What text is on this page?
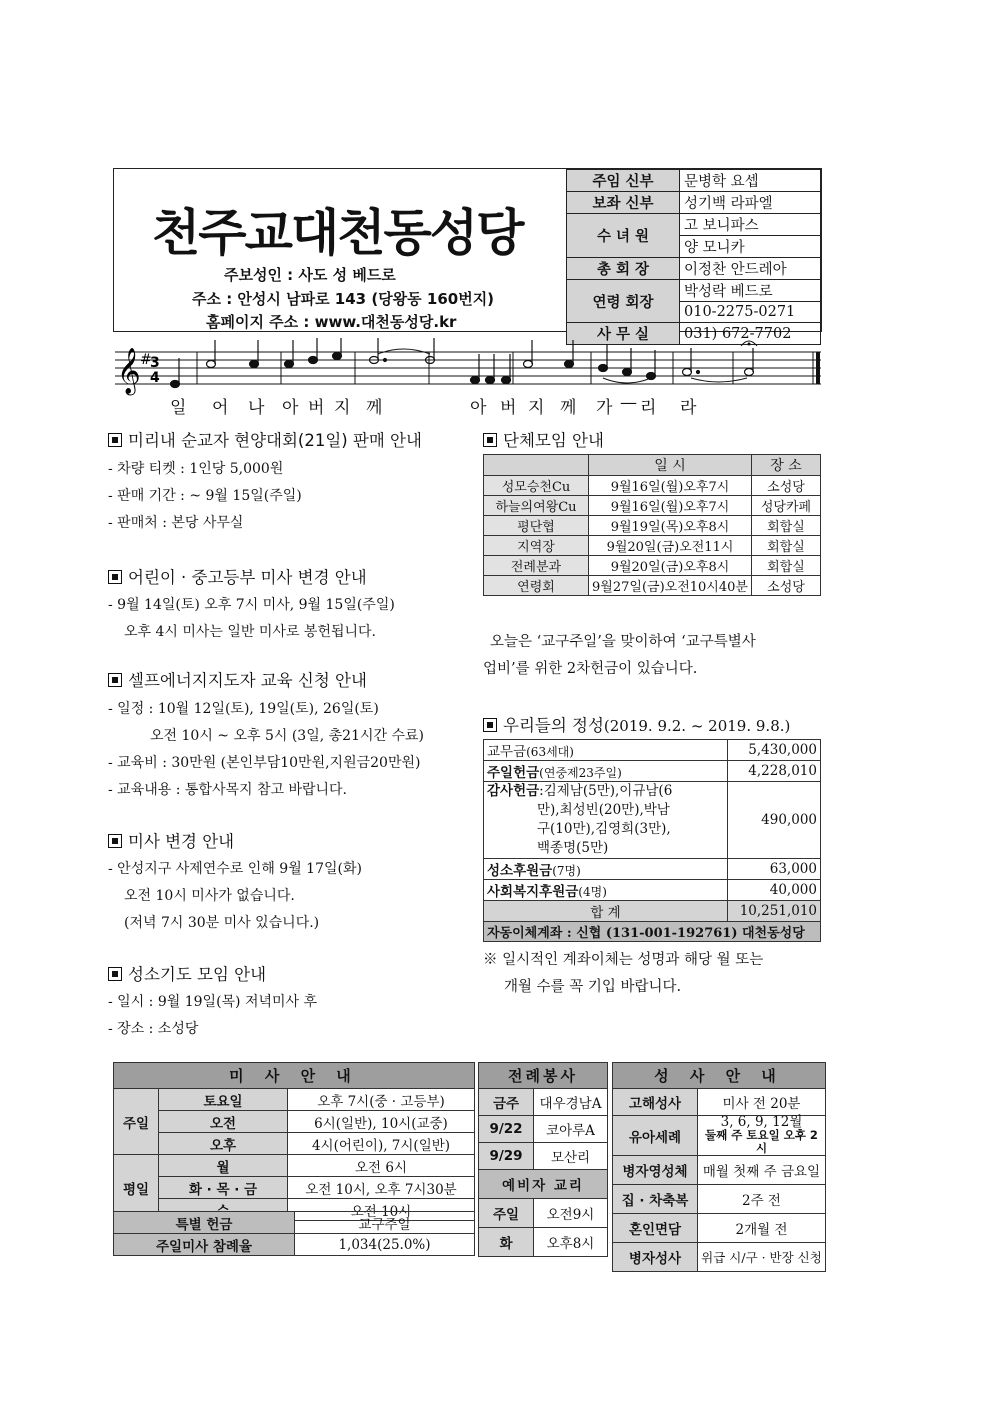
천주교대천동성당
주보성인 : 사도 성 베드로
주소 : 안성시 남파로 143 (당왕동 160번지)
홈페이지 주소 : www.대천동성당.kr
주임 신부	문병학 요셉
보좌 신부	성기백 라파엘
수 녀 원	고 보니파스
	양 모니카
총 회 장	이정찬 안드레아
연령 회장	박성락 베드로
	010-2275-0271
사 무 실	031) 672-7702
𝄞 #
3
4
일 어 나 아 버 지 께	아 버 지 께 가 — 리 라
미리내 순교자 현양대회(21일) 판매 안내
- 차량 티켓 : 1인당 5,000원
- 판매 기간 : ~ 9월 15일(주일)
- 판매처 : 본당 사무실
어린이 · 중고등부 미사 변경 안내
- 9월 14일(토) 오후 7시 미사, 9월 15일(주일)
오후 4시 미사는 일반 미사로 봉헌됩니다.
셀프에너지지도자 교육 신청 안내
- 일정 : 10월 12일(토), 19일(토), 26일(토)
오전 10시 ~ 오후 5시 (3일, 총21시간 수료)
- 교육비 : 30만원 (본인부담10만원,지원금20만원)
- 교육내용 : 통합사목지 참고 바랍니다.
미사 변경 안내
- 안성지구 사제연수로 인해 9월 17일(화)
오전 10시 미사가 없습니다.
(저녁 7시 30분 미사 있습니다.)
성소기도 모임 안내
- 일시 : 9월 19일(목) 저녁미사 후
- 장소 : 소성당
단체모임 안내
	일 시	장 소
성모승천Cu	9월16일(월)오후7시	소성당
하늘의여왕Cu	9월16일(월)오후7시	성당카페
평단협	9월19일(목)오후8시	회합실
지역장	9월20일(금)오전11시	회합실
전례분과	9월20일(금)오후8시	회합실
연령회	9월27일(금)오전10시40분	소성당
오늘은 ‘교구주일’을 맞이하여 ‘교구특별사
업비’를 위한 2차헌금이 있습니다.
우리들의 정성(2019. 9.2. ~ 2019. 9.8.)
교무금(63세대)	5,430,000
주일헌금(연중제23주일)	4,228,010
감사헌금:김제남(5만),이규남(6
만),최성빈(20만),박남
구(10만),김영희(3만),
백종명(5만)	490,000
성소후원금(7명)	63,000
사회복지후원금(4명)	40,000
합 계	10,251,010
자동이체계좌 : 신협 (131-001-192761) 대천동성당	
※ 일시적인 계좌이체는 성명과 해당 월 또는
개월 수를 꼭 기입 바랍니다.
미 사 안 내		
주일	토요일	오후 7시(중 · 고등부)
	오전	6시(일반), 10시(교중)
	오후	4시(어린이), 7시(일반)
평일	월	오전 6시
	화 · 목 · 금	오전 10시, 오후 7시30분
	오전 10시
특별 헌금	교구주일
주일미사 참례율	1,034(25.0%)
전례봉사	
금주	대우경남A
9/22	코아루A
9/29	모산리
예비자 교리	
주일	오전9시
화	오후8시
성 사 안 내	
고해성사	미사 전 20분
유아세례	3, 6, 9, 12월
둘째 주 토요일 오후 2시
병자영성체	매월 첫째 주 금요일
집 · 차축복	2주 전
혼인면담	2개월 전
병자성사	위급 시/구 · 반장 신청
